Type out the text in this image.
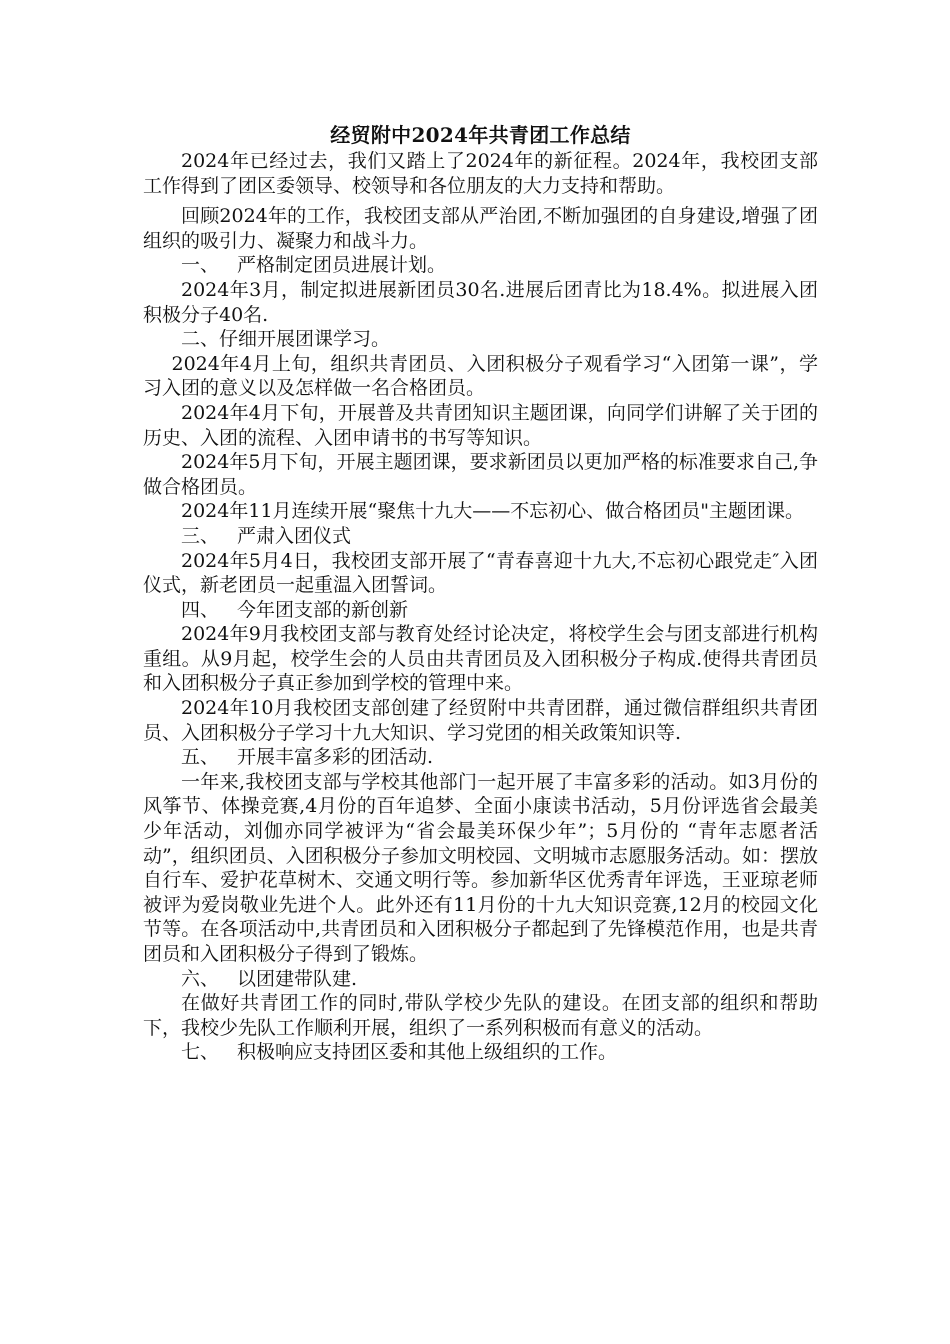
经贸附中2024年共青团工作总结

2024年已经过去，我们又踏上了2024年的新征程。2024年，我校团支部工作得到了团区委领导、校领导和各位朋友的大力支持和帮助。

回顾2024年的工作，我校团支部从严治团,不断加强团的自身建设,增强了团组织的吸引力、凝聚力和战斗力。

一、 严格制定团员进展计划。

2024年3月，制定拟进展新团员30名.进展后团青比为18.4%。拟进展入团积极分子40名.

二、仔细开展团课学习。

2024年4月上旬，组织共青团员、入团积极分子观看学习“入团第一课”，学习入团的意义以及怎样做一名合格团员。

2024年4月下旬，开展普及共青团知识主题团课，向同学们讲解了关于团的历史、入团的流程、入团申请书的书写等知识。

2024年5月下旬，开展主题团课，要求新团员以更加严格的标准要求自己,争做合格团员。

2024年11月连续开展“聚焦十九大——不忘初心、做合格团员"主题团课。

三、 严肃入团仪式

2024年5月4日，我校团支部开展了“青春喜迎十九大,不忘初心跟党走″入团仪式，新老团员一起重温入团誓词。

四、 今年团支部的新创新

2024年9月我校团支部与教育处经讨论决定，将校学生会与团支部进行机构重组。从9月起，校学生会的人员由共青团员及入团积极分子构成.使得共青团员和入团积极分子真正参加到学校的管理中来。

2024年10月我校团支部创建了经贸附中共青团群，通过微信群组织共青团员、入团积极分子学习十九大知识、学习党团的相关政策知识等.

五、 开展丰富多彩的团活动.

一年来,我校团支部与学校其他部门一起开展了丰富多彩的活动。如3月份的风筝节、体操竞赛,4月份的百年追梦、全面小康读书活动，5月份评选省会最美少年活动，刘伽亦同学被评为“省会最美环保少年”；5月份的 “青年志愿者活动”，组织团员、入团积极分子参加文明校园、文明城市志愿服务活动。如：摆放自行车、爱护花草树木、交通文明行等。参加新华区优秀青年评选，王亚琼老师被评为爱岗敬业先进个人。此外还有11月份的十九大知识竞赛,12月的校园文化节等。在各项活动中,共青团员和入团积极分子都起到了先锋模范作用，也是共青团员和入团积极分子得到了锻炼。

六、 以团建带队建.

在做好共青团工作的同时,带队学校少先队的建设。在团支部的组织和帮助下，我校少先队工作顺利开展，组织了一系列积极而有意义的活动。

七、 积极响应支持团区委和其他上级组织的工作。
